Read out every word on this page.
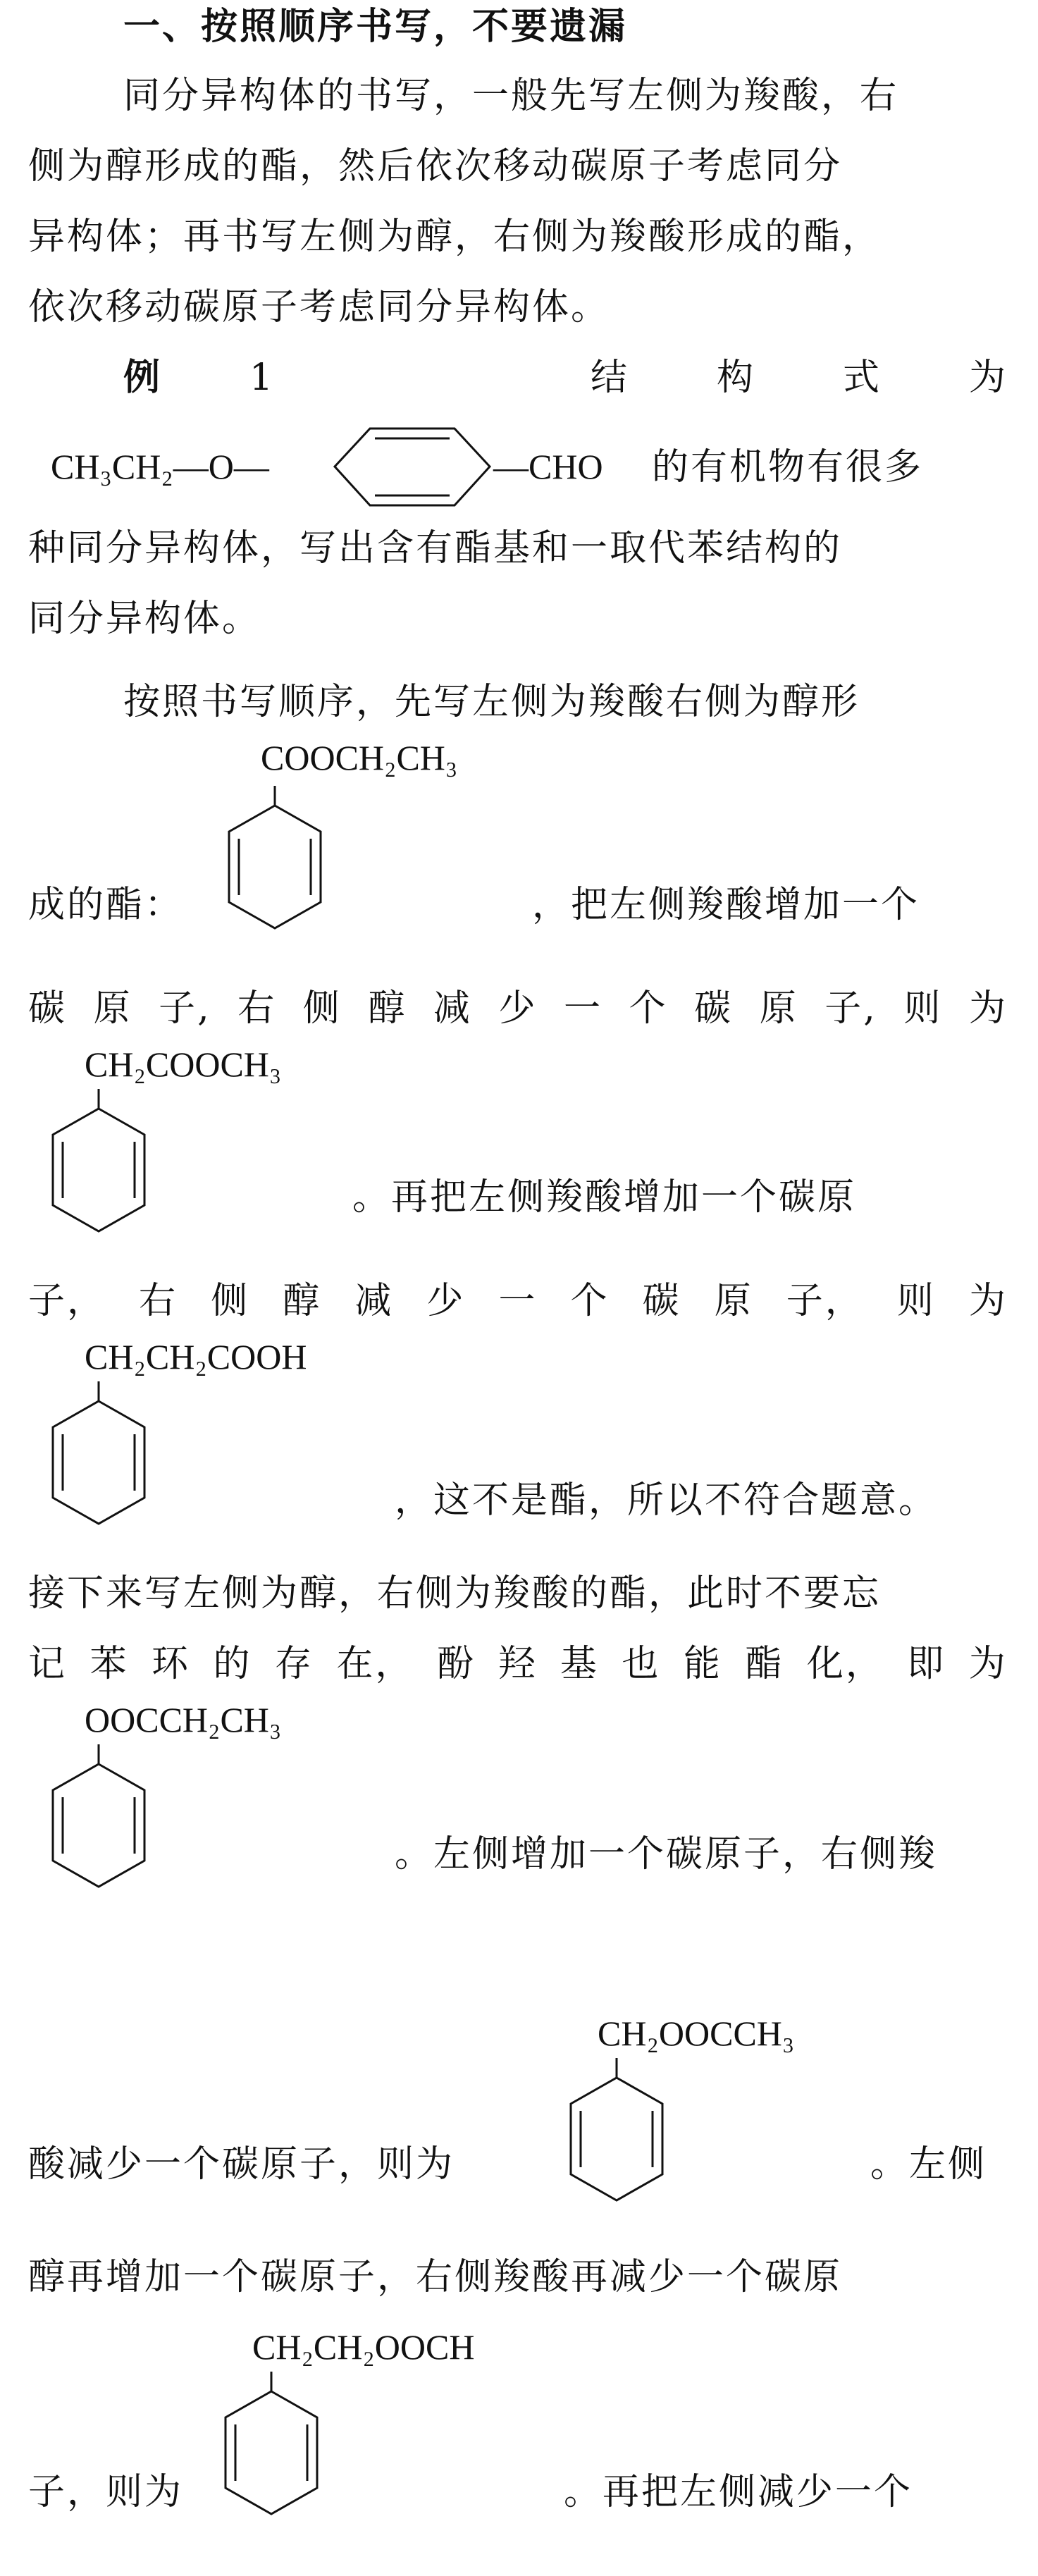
一、按照顺序书写，不要遗漏
同分异构体的书写，一般先写左侧为羧酸，右
侧为醇形成的酯，然后依次移动碳原子考虑同分
异构体；再书写左侧为醇，右侧为羧酸形成的酯，
依次移动碳原子考虑同分异构体。
例 1	结 构 式 为
CH₃CH₂—O—	—CHO 的有机物有很多
种同分异构体，写出含有酯基和一取代苯结构的
同分异构体。
按照书写顺序，先写左侧为羧酸右侧为醇形
COOCH₂CH₃
成的酯：	，把左侧羧酸增加一个
碳 原 子, 右 侧 醇 减 少 一 个 碳 原 子, 则 为
CH₂COOCH₃
。再把左侧羧酸增加一个碳原
子， 右 侧 醇 减 少 一 个 碳 原 子， 则 为
CH₂CH₂COOH
，这不是酯，所以不符合题意。
接下来写左侧为醇，右侧为羧酸的酯，此时不要忘
记 苯 环 的 存 在， 酚 羟 基 也 能 酯 化， 即 为
OOCCH₂CH₃
。左侧增加一个碳原子，右侧羧
CH₂OOCCH₃
酸减少一个碳原子，则为	。左侧
醇再增加一个碳原子，右侧羧酸再减少一个碳原
CH₂CH₂OOCH
子，则为	。再把左侧减少一个
